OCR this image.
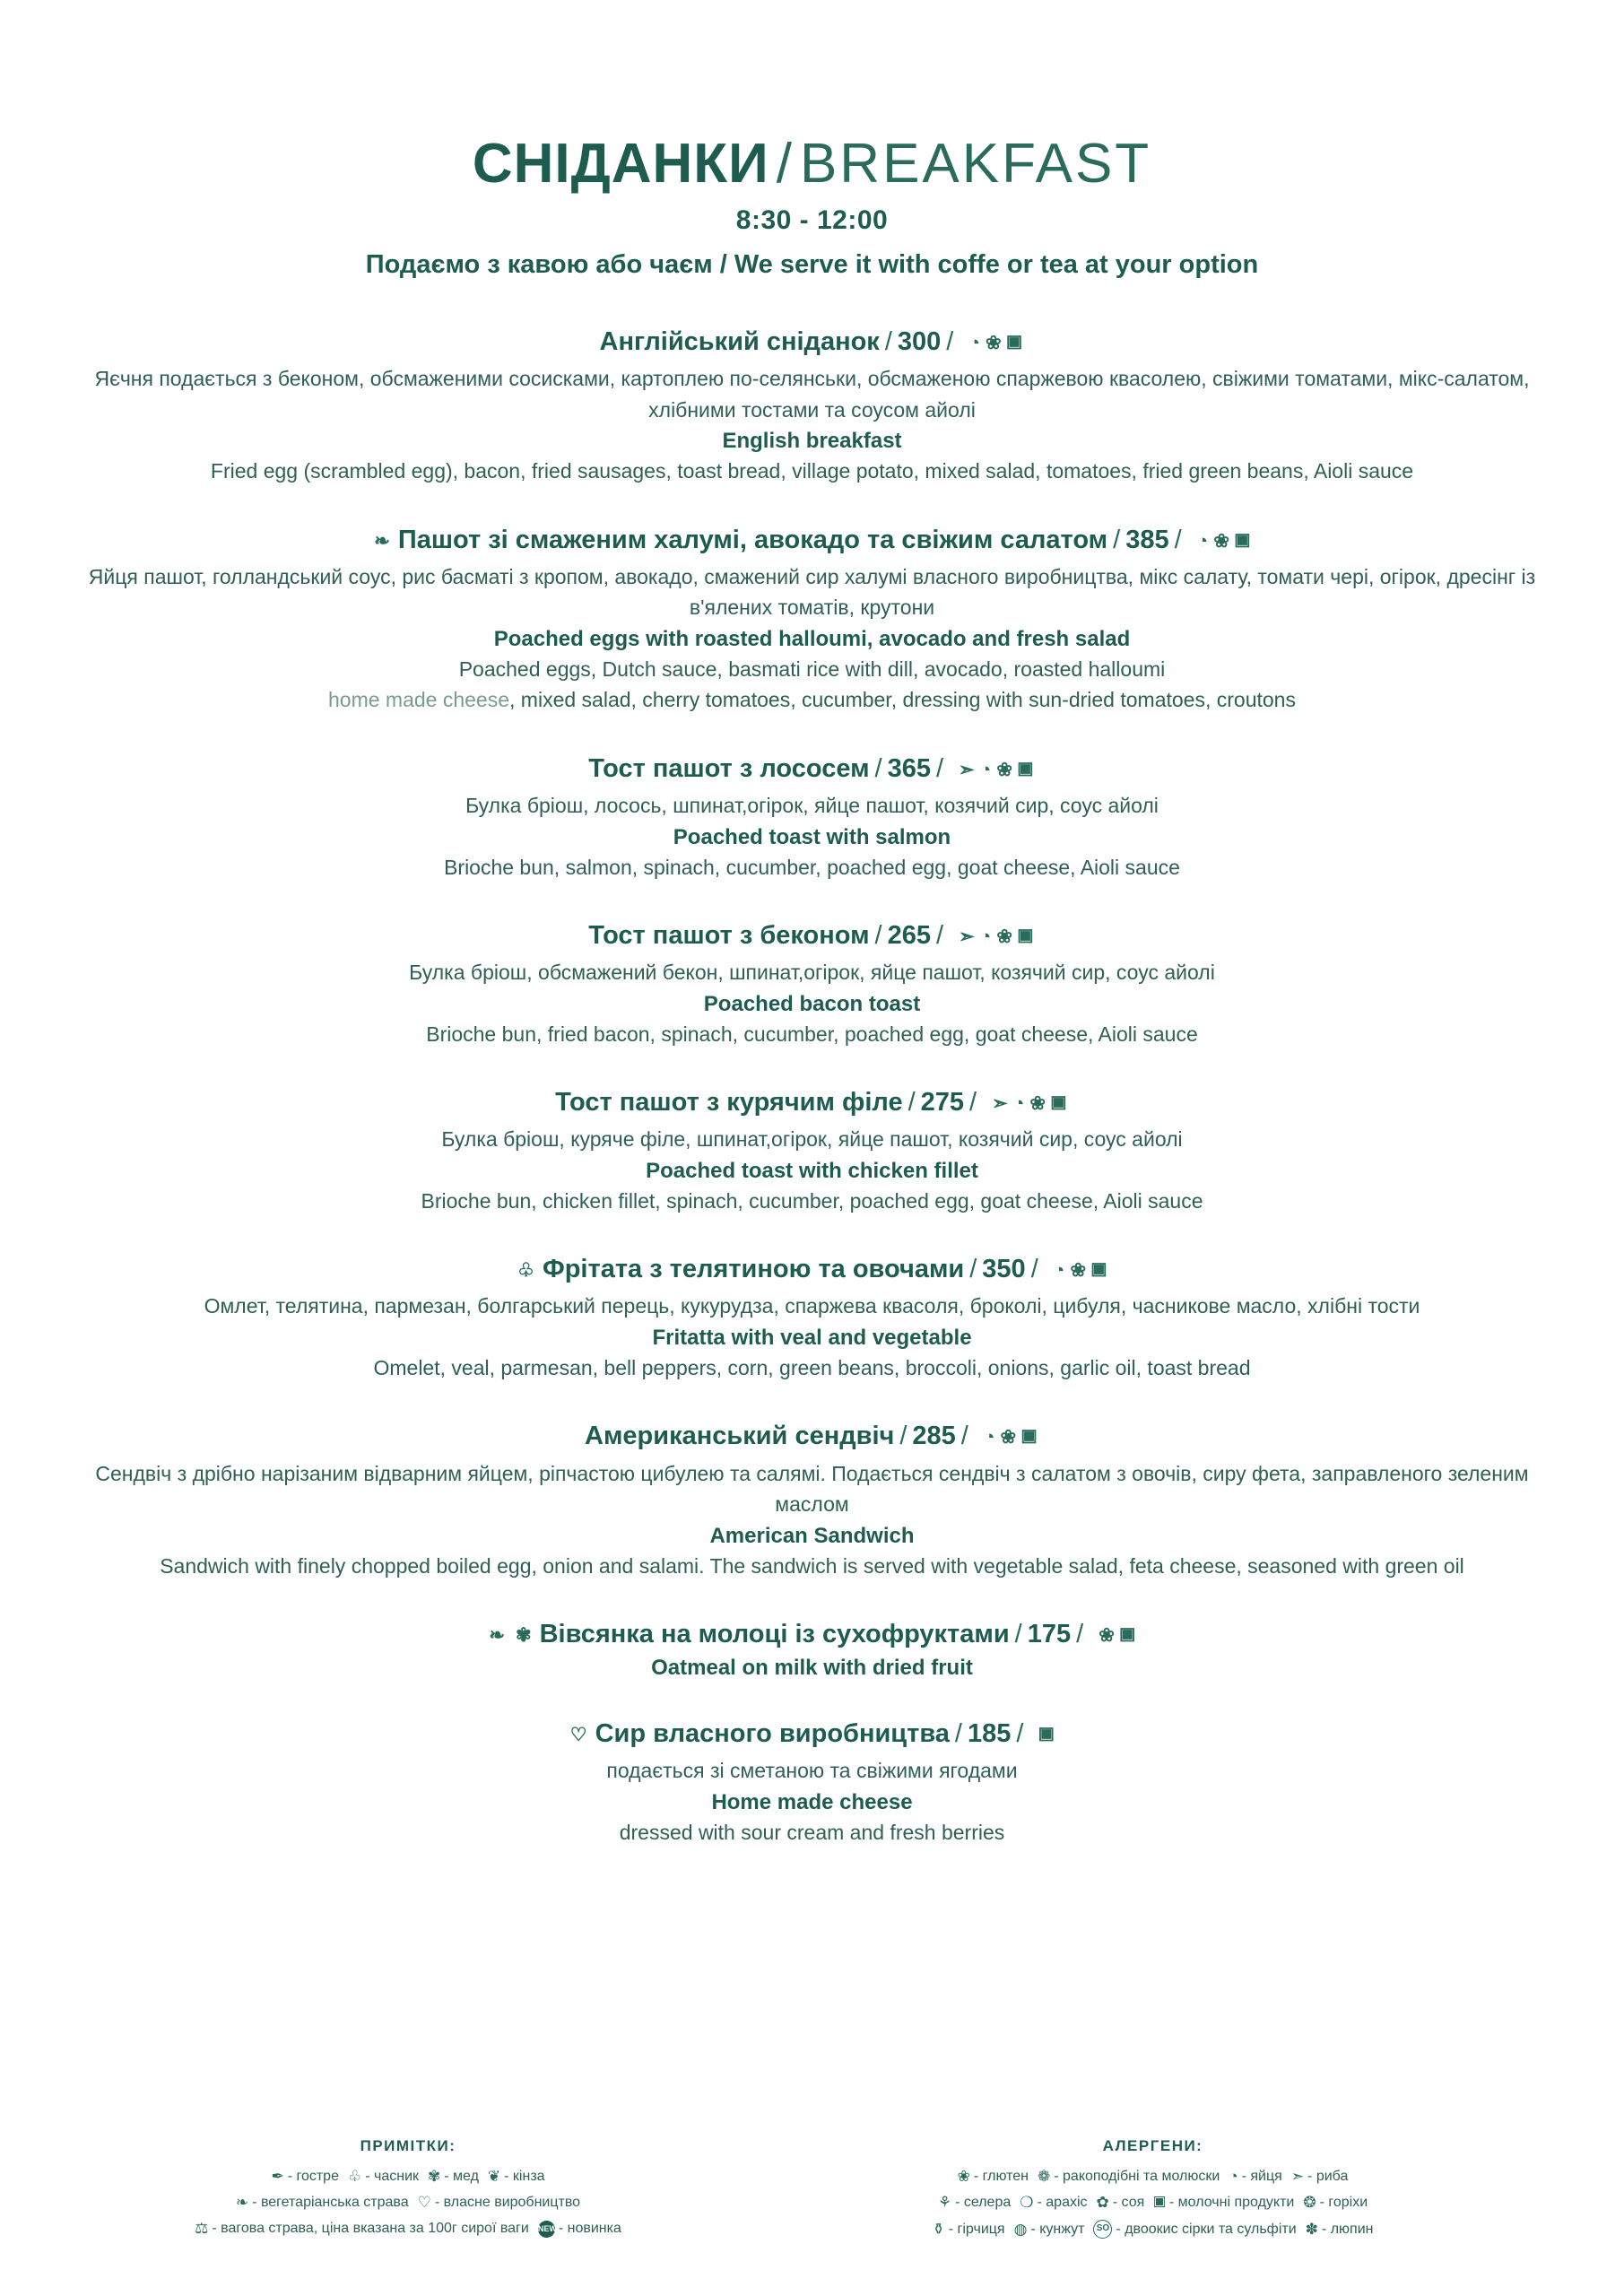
СНІДАНКИ / BREAKFAST
8:30 - 12:00
Подаємо з кавою або чаєм / We serve it with coffe or tea at your option
Англійський сніданок / 300 / ◔ ❀ 🞕
Яєчня подається з беконом, обсмаженими сосисками, картоплею по-селянськи, обсмаженою спаржевою квасолею, свіжими томатами, мікс-салатом, хлібними тостами та соусом айолі
English breakfast
Fried egg (scrambled egg), bacon, fried sausages, toast bread, village potato, mixed salad, tomatoes, fried green beans, Aioli sauce
❧ Пашот зі смаженим халумі, авокадо та свіжим салатом / 385 / ◔ ❀ 🞕
Яйця пашот, голландський соус, рис басматі з кропом, авокадо, смажений сир халумі власного виробництва, мікс салату, томати чері, огірок, дресінг із в'ялених томатів, крутони
Poached eggs with roasted halloumi, avocado and fresh salad
Poached eggs, Dutch sauce, basmati rice with dill, avocado, roasted halloumi
home made cheese, mixed salad, cherry tomatoes, cucumber, dressing with sun-dried tomatoes, croutons
Тост пашот з лососем / 365 / ➣ ◔ ❀ 🞕
Булка бріош, лосось, шпинат,огірок, яйце пашот, козячий сир, соус айолі
Poached toast with salmon
Brioche bun, salmon, spinach, cucumber, poached egg, goat cheese, Aioli sauce
Тост пашот з беконом / 265 / ➣ ◔ ❀ 🞕
Булка бріош, обсмажений бекон, шпинат,огірок, яйце пашот, козячий сир, соус айолі
Poached bacon toast
Brioche bun, fried bacon, spinach, cucumber, poached egg, goat cheese, Aioli sauce
Тост пашот з курячим філе / 275 / ➣ ◔ ❀ 🞕
Булка бріош, куряче філе, шпинат,огірок, яйце пашот, козячий сир, соус айолі
Poached toast with chicken fillet
Brioche bun, chicken fillet, spinach, cucumber, poached egg, goat cheese, Aioli sauce
♧ Фрітата з телятиною та овочами / 350 / ◔ ❀ 🞕
Омлет, телятина, пармезан, болгарський перець, кукурудза, спаржева квасоля, броколі, цибуля, часникове масло, хлібні тости
Fritatta with veal and vegetable
Omelet, veal, parmesan, bell peppers, corn, green beans, broccoli, onions, garlic oil, toast bread
Американський сендвіч / 285 / ◔ ❀ 🞕
Сендвіч з дрібно нарізаним відварним яйцем, ріпчастою цибулею та салямі. Подається сендвіч з салатом з овочів, сиру фета, заправленого зеленим маслом
American Sandwich
Sandwich with finely chopped boiled egg, onion and salami. The sandwich is served with vegetable salad, feta cheese, seasoned with green oil
❧ ✾ Вівсянка на молоці із сухофруктами / 175 / ❀ 🞕
Oatmeal on milk with dried fruit
♡ Сир власного виробництва / 185 / 🞕
подається зі сметаною та свіжими ягодами
Home made cheese
dressed with sour cream and fresh berries
ПРИМІТКИ:
✒ - гостре ♧ - часник ✾ - мед ❦ - кінза
❧ - вегетаріанська страва ♡ - власне виробництво
⚖ - вагова страва, ціна вказана за 100г сирої ваги NEW - новинка
АЛЕРГЕНИ:
❀ - глютен ❁ - ракоподібні та молюски ◔ - яйця ➣ - риба
⚘ - селера ❍ - арахіс ✿ - соя 🞕 - молочні продукти ❂ - горіхи
⚱ - гірчиця ◍ - кунжут	SO - двоокис сірки та сульфіти ✽ - люпин
